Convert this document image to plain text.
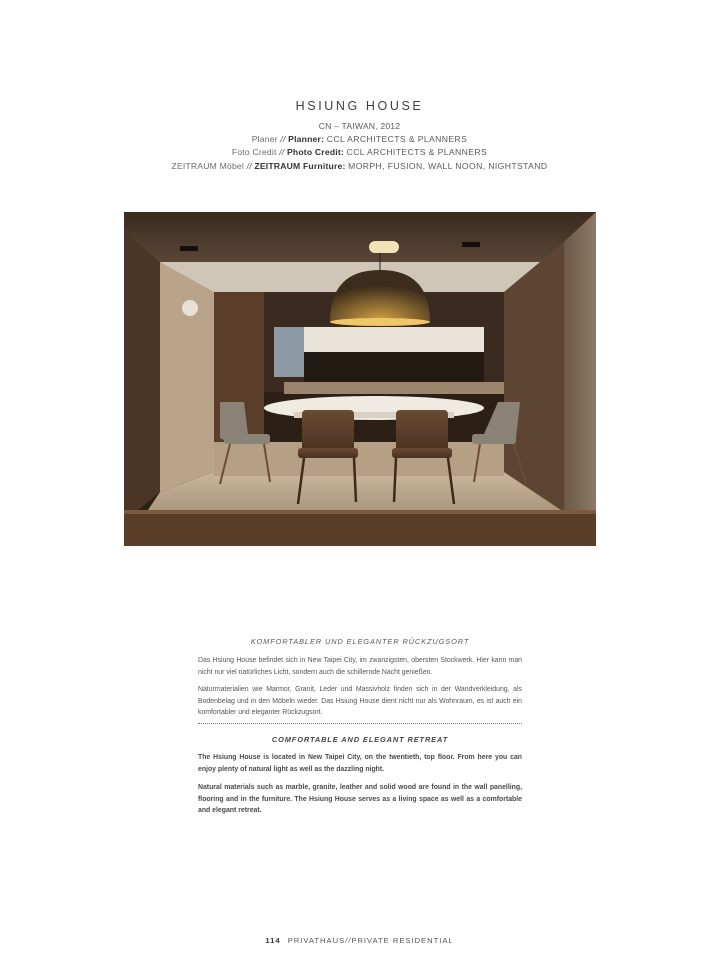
HSIUNG HOUSE
CN – TAIWAN, 2012
Planer // Planner: CCL ARCHITECTS & PLANNERS
Foto Credit // Photo Credit: CCL ARCHITECTS & PLANNERS
ZEITRAUM Möbel // ZEITRAUM Furniture: MORPH, FUSION, WALL NOON, NIGHTSTAND
KOMFORTABLER UND ELEGANTER RÜCKZUGSORT

Das Hsiung House befindet sich in New Taipei City, im zwanzigsten, obersten Stockwerk. Hier kann man nicht nur viel natürliches Licht, sondern auch die schillernde Nacht genießen.

Naturmaterialien wie Marmor, Granit, Leder und Massivholz finden sich in der Wandverkleidung, als Bodenbelag und in den Möbeln wieder. Das Hsiung House dient nicht nur als Wohnraum, es ist auch ein komfortabler und eleganter Rückzugsort.

COMFORTABLE AND ELEGANT RETREAT

The Hsiung House is located in New Taipei City, on the twentieth, top floor. From here you can enjoy plenty of natural light as well as the dazzling night.

Natural materials such as marble, granite, leather and solid wood are found in the wall panelling, flooring and in the furniture. The Hsiung House serves as a living space as well as a comfortable and elegant retreat.

114 PRIVATHAUS//PRIVATE RESIDENTIAL
